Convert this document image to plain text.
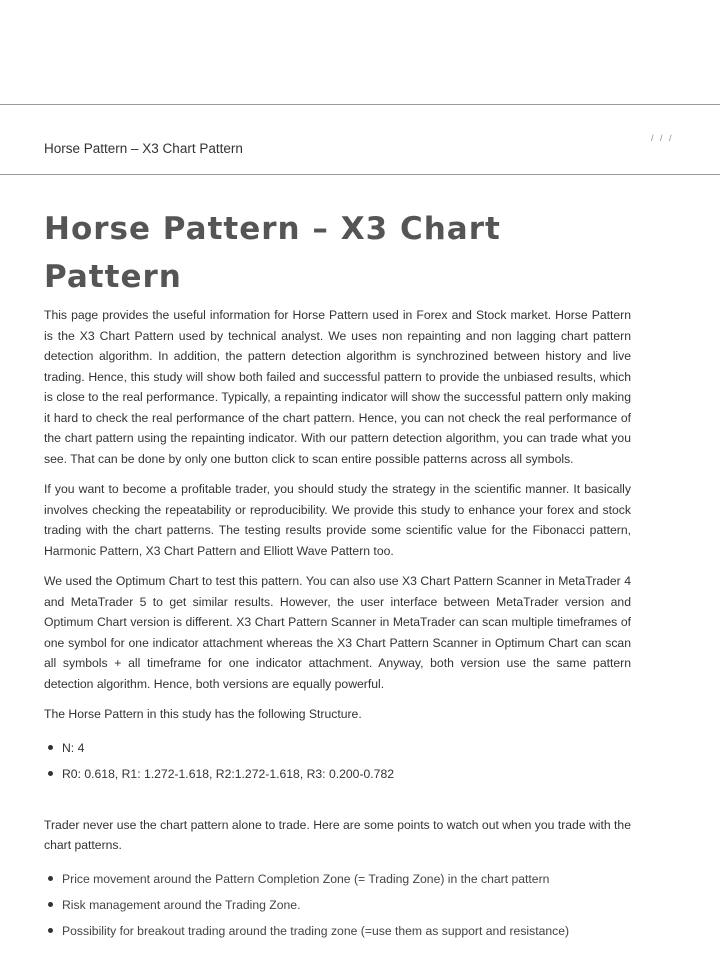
Horse Pattern – X3 Chart Pattern
/ / /
Horse Pattern – X3 Chart Pattern

This page provides the useful information for Horse Pattern used in Forex and Stock market. Horse Pattern is the X3 Chart Pattern used by technical analyst. We uses non repainting and non lagging chart pattern detection algorithm. In addition, the pattern detection algorithm is synchrozined between history and live trading. Hence, this study will show both failed and successful pattern to provide the unbiased results, which is close to the real performance. Typically, a repainting indicator will show the successful pattern only making it hard to check the real performance of the chart pattern. Hence, you can not check the real performance of the chart pattern using the repainting indicator. With our pattern detection algorithm, you can trade what you see. That can be done by only one button click to scan entire possible patterns across all symbols.

If you want to become a profitable trader, you should study the strategy in the scientific manner. It basically involves checking the repeatability or reproducibility. We provide this study to enhance your forex and stock trading with the chart patterns. The testing results provide some scientific value for the Fibonacci pattern, Harmonic Pattern, X3 Chart Pattern and Elliott Wave Pattern too.

We used the Optimum Chart to test this pattern. You can also use X3 Chart Pattern Scanner in MetaTrader 4 and MetaTrader 5 to get similar results. However, the user interface between MetaTrader version and Optimum Chart version is different. X3 Chart Pattern Scanner in MetaTrader can scan multiple timeframes of one symbol for one indicator attachment whereas the X3 Chart Pattern Scanner in Optimum Chart can scan all symbols + all timeframe for one indicator attachment. Anyway, both version use the same pattern detection algorithm. Hence, both versions are equally powerful.

The Horse Pattern in this study has the following Structure.

N: 4
R0: 0.618, R1: 1.272-1.618, R2:1.272-1.618, R3: 0.200-0.782

Trader never use the chart pattern alone to trade. Here are some points to watch out when you trade with the chart patterns.

Price movement around the Pattern Completion Zone (= Trading Zone) in the chart pattern
Risk management around the Trading Zone.
Possibility for breakout trading around the trading zone (=use them as support and resistance)
